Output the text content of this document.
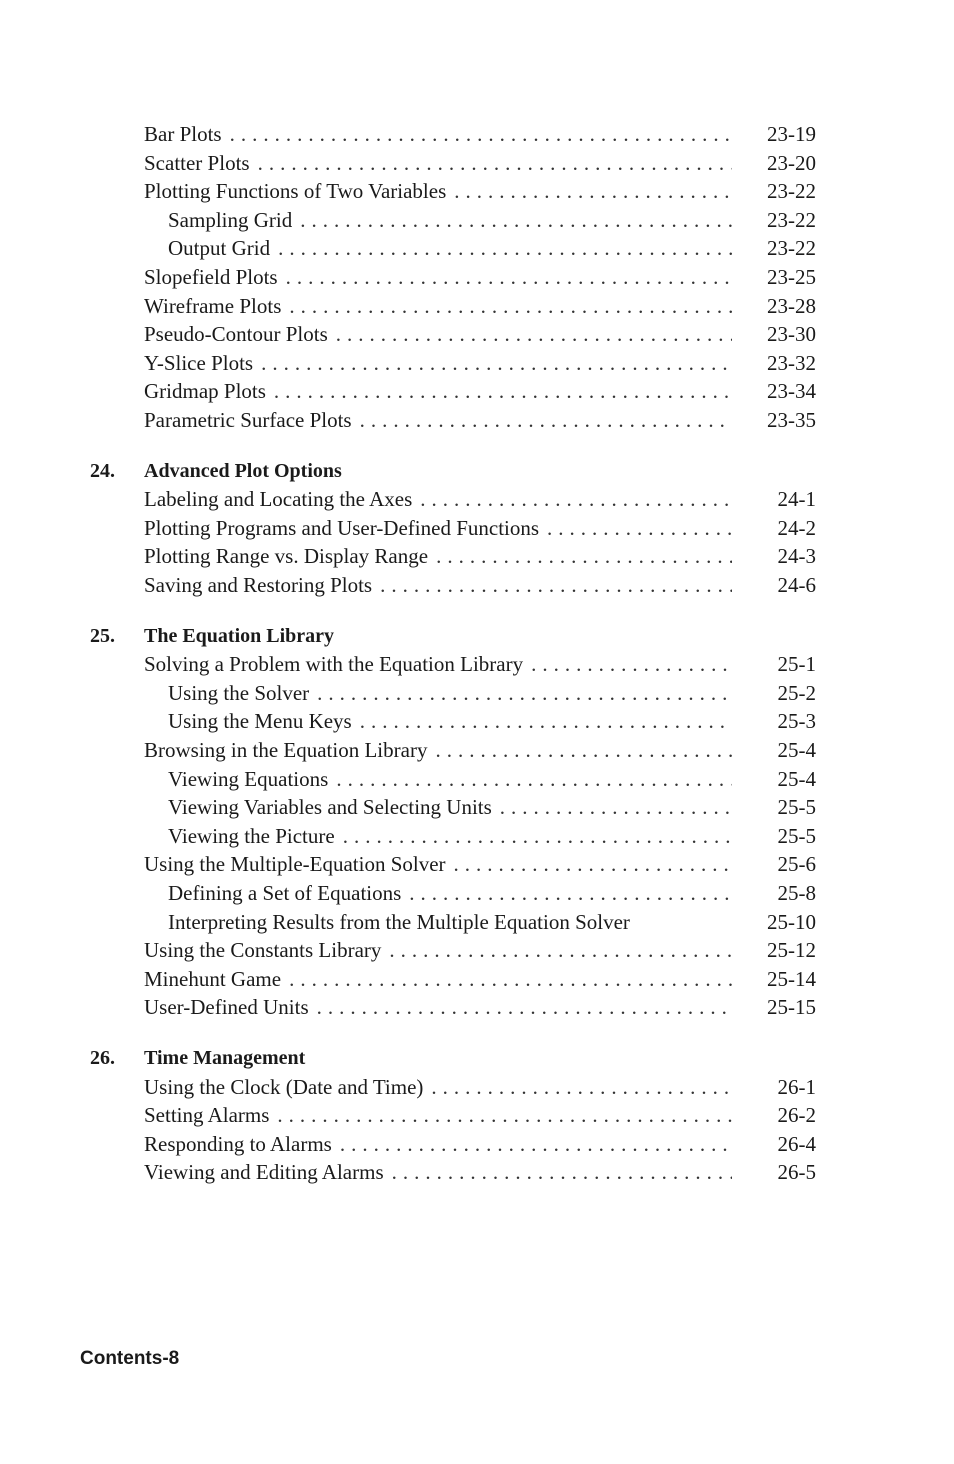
Bar Plots .....	23-19
Scatter Plots .....	23-20
Plotting Functions of Two Variables .....	23-22
Sampling Grid .....	23-22
Output Grid .....	23-22
Slopefield Plots .....	23-25
Wireframe Plots .....	23-28
Pseudo-Contour Plots .....	23-30
Y-Slice Plots .....	23-32
Gridmap Plots .....	23-34
Parametric Surface Plots .....	23-35
24. Advanced Plot Options
Labeling and Locating the Axes .....	24-1
Plotting Programs and User-Defined Functions .....	24-2
Plotting Range vs. Display Range .....	24-3
Saving and Restoring Plots .....	24-6
25. The Equation Library
Solving a Problem with the Equation Library .....	25-1
Using the Solver .....	25-2
Using the Menu Keys .....	25-3
Browsing in the Equation Library .....	25-4
Viewing Equations .....	25-4
Viewing Variables and Selecting Units .....	25-5
Viewing the Picture .....	25-5
Using the Multiple-Equation Solver .....	25-6
Defining a Set of Equations .....	25-8
Interpreting Results from the Multiple Equation Solver	25-10
Using the Constants Library .....	25-12
Minehunt Game .....	25-14
User-Defined Units .....	25-15
26. Time Management
Using the Clock (Date and Time) .....	26-1
Setting Alarms .....	26-2
Responding to Alarms .....	26-4
Viewing and Editing Alarms .....	26-5
Contents-8
